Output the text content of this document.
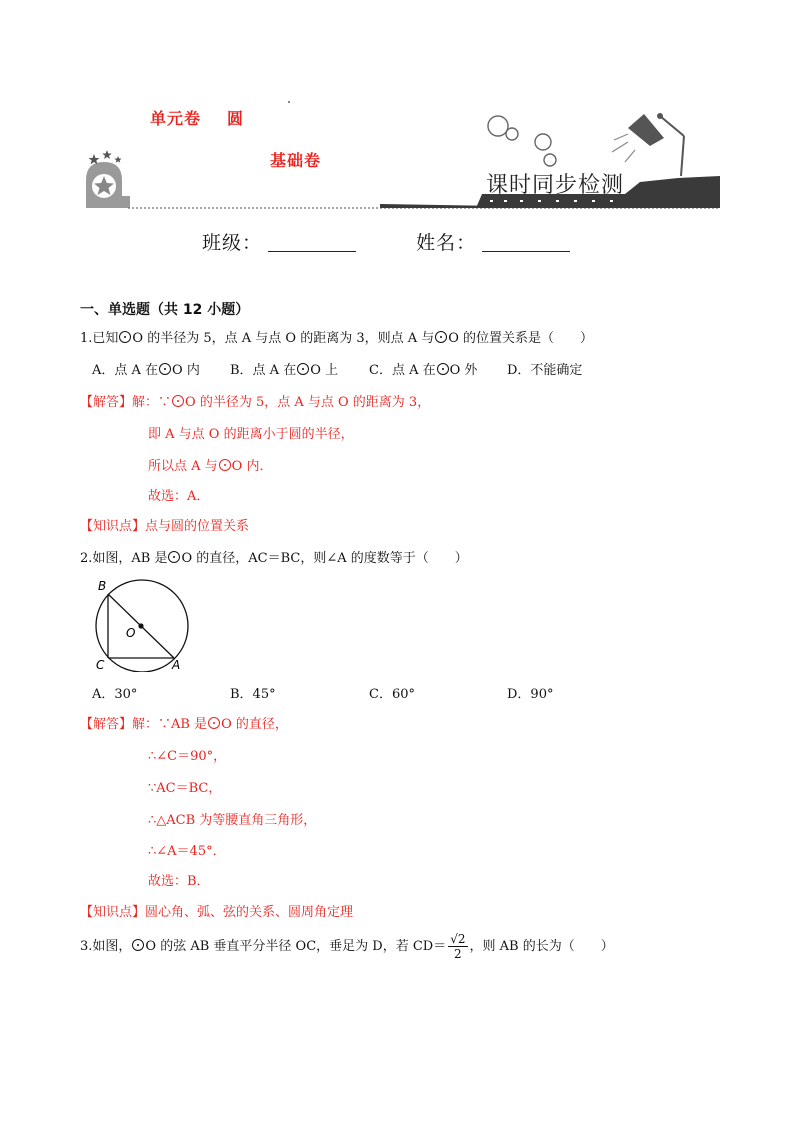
单元卷 圆
基础卷
课时同步检测
班级：	姓名：
一、单选题（共 12 小题）
1.已知 O 的半径为 5，点 A 与点 O 的距离为 3，则点 A 与 O 的位置关系是（　　）
A．点 A 在 O 内 B．点 A 在 O 上 C．点 A 在 O 外 D．不能确定
【解答】解：∵ O 的半径为 5，点 A 与点 O 的距离为 3，
即 A 与点 O 的距离小于圆的半径，
所以点 A 与 O 内．
故选：A．
【知识点】点与圆的位置关系
2.如图，AB 是 O 的直径，AC＝BC，则∠A 的度数等于（　　）
B
O
C	A
A．30°	B．45°	C．60°	D．90°
【解答】解：∵AB 是 O 的直径，
∴∠C＝90°，
∵AC＝BC，
∴△ACB 为等腰直角三角形，
∴∠A＝45°．
故选：B．
【知识点】圆心角、弧、弦的关系、圆周角定理
3.如图， O 的弦 AB 垂直平分半径 OC，垂足为 D，若 $CD= \frac{√2}{2}$ ，则 AB 的长为（　　）
